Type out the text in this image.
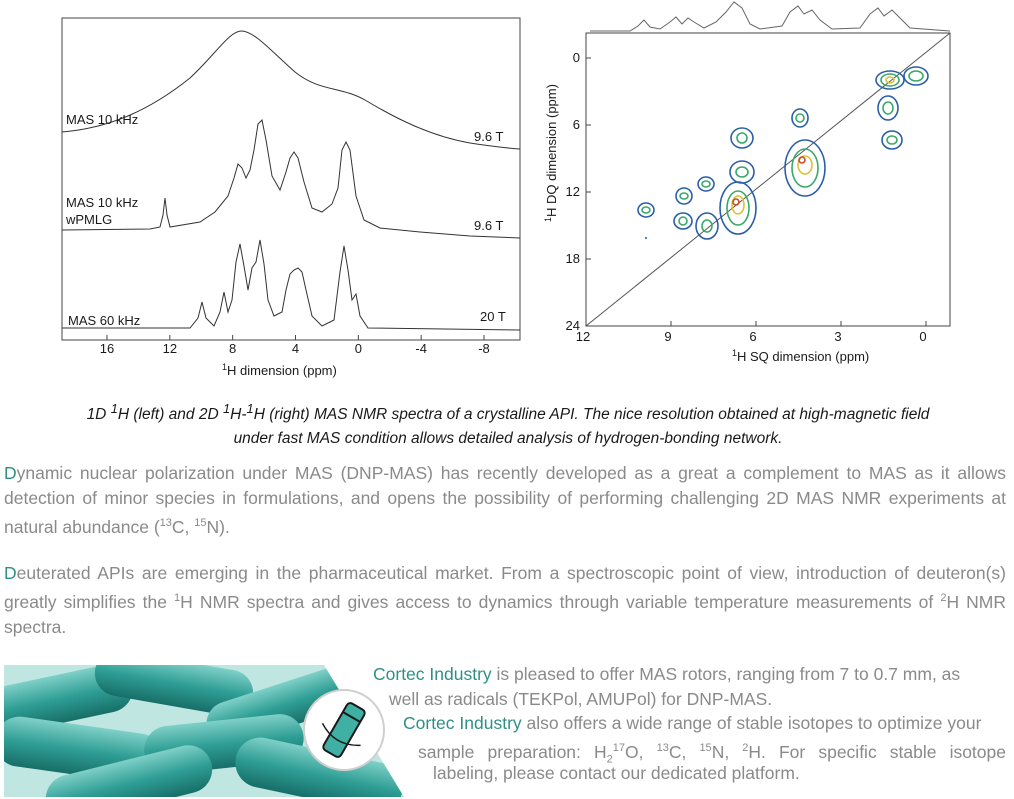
MAS 10 kHz
9.6 T
MAS 10 kHz
wPMLG	9.6 T
MAS 60 kHz	20 T
16	12	8	4	0	-4	-8
$^1$H dimension (ppm)
12	9	6	3	0
0
6
12
18
24
$^1$H SQ dimension (ppm)
$^1$H DQ dimension (ppm)
1D $^1$H (left) and 2D $^1$H-$^1$H (right) MAS NMR spectra of a crystalline API. The nice resolution obtained at high-magnetic field
under fast MAS condition allows detailed analysis of hydrogen-bonding network.
Dynamic nuclear polarization under MAS (DNP-MAS) has recently developed as a great a complement to MAS as it allows detection of minor species in formulations, and opens the possibility of performing challenging 2D MAS NMR experiments at natural abundance ($^{13}$C, $^{15}$N).
Deuterated APIs are emerging in the pharmaceutical market. From a spectroscopic point of view, introduction of deuteron(s) greatly simplifies the $^1$H NMR spectra and gives access to dynamics through variable temperature measurements of $^2$H NMR spectra.
Cortec Industry is pleased to offer MAS rotors, ranging from 7 to 0.7 mm, as
well as radicals (TEKPol, AMUPol) for DNP-MAS.
Cortec Industry also offers a wide range of stable isotopes to optimize your
sample preparation: $H_2^{17}O$, $^{13}$C, $^{15}$N, $^2$H. For specific stable isotope
labeling, please contact our dedicated platform.
